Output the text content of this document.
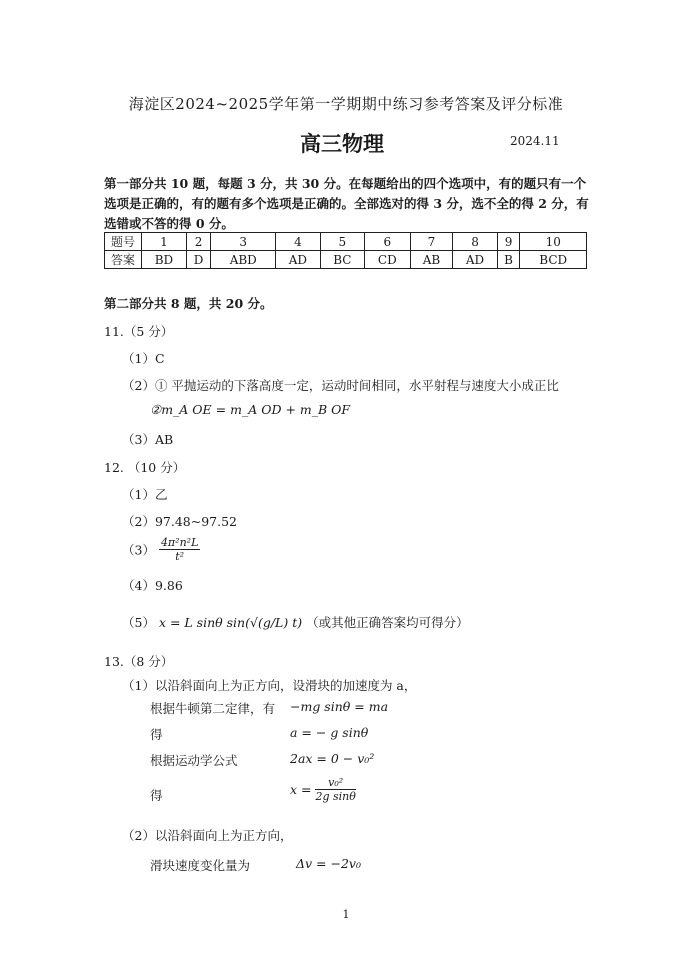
海淀区2024~2025学年第一学期期中练习参考答案及评分标准
高三物理	2024.11
第一部分共 10 题，每题 3 分，共 30 分。在每题给出的四个选项中，有的题只有一个选项是正确的，有的题有多个选项是正确的。全部选对的得 3 分，选不全的得 2 分，有选错或不答的得 0 分。
题号	1	2	3	4	5	6	7	8	9	10
答案	BD	D	ABD	AD	BC	CD	AB	AD	B	BCD
第二部分共 8 题，共 20 分。
11.（5 分）
（1）C
（2）① 平抛运动的下落高度一定，运动时间相同，水平射程与速度大小成正比
②m_A OE = m_A OD + m_B OF
（3）AB
12. （10 分）
（1）乙
（2）97.48~97.52
$(3) \frac{\text{4π²n²L}}{\text{t²}}$
（4）9.86
（5） x = L sinθ sin(√(g/L) t) （或其他正确答案均可得分）
13.（8 分）
（1）以沿斜面向上为正方向，设滑块的加速度为 a，
根据牛顿第二定律，有 −mg sinθ = ma
得	a = − g sinθ
根据运动学公式	2ax = 0 − v₀²
得	$x = \frac{\text{v₀²}}{\text{2g sinθ}}$
（2）以沿斜面向上为正方向，
滑块速度变化量为	Δv = −2v₀
1
